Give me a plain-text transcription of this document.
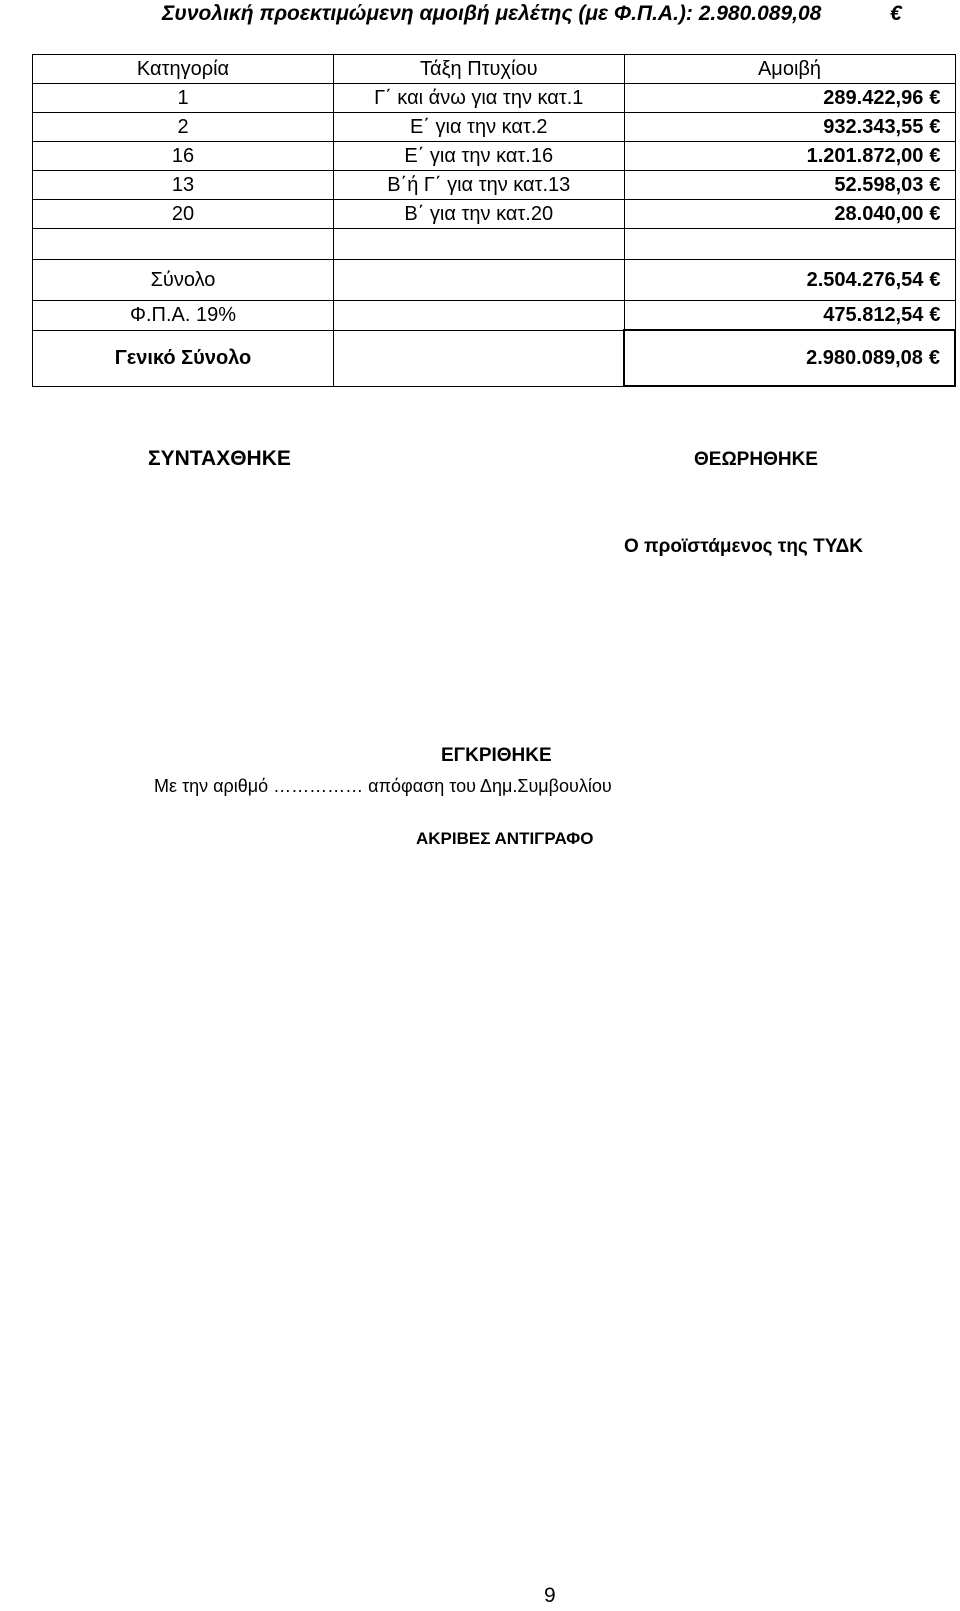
Συνολική προεκτιμώμενη αμοιβή μελέτης (με Φ.Π.Α.): 2.980.089,08	€
Κατηγορία	Τάξη Πτυχίου	Αμοιβή
1	Γ΄ και άνω για την κατ.1	289.422,96 €
2	Ε΄ για την κατ.2	932.343,55 €
16	Ε΄ για την κατ.16	1.201.872,00 €
13	Β΄ή Γ΄ για την κατ.13	52.598,03 €
20	Β΄ για την κατ.20	28.040,00 €

Σύνολο		2.504.276,54 €
Φ.Π.Α. 19%		475.812,54 €
Γενικό Σύνολο		2.980.089,08 €
ΣΥΝΤΑΧΘΗΚΕ	ΘΕΩΡΗΘΗΚΕ
Ο προϊστάμενος της ΤΥΔΚ
ΕΓΚΡΙΘΗΚΕ
Με την αριθμό …………… απόφαση του Δημ.Συμβουλίου
ΑΚΡΙΒΕΣ ΑΝΤΙΓΡΑΦΟ
9
